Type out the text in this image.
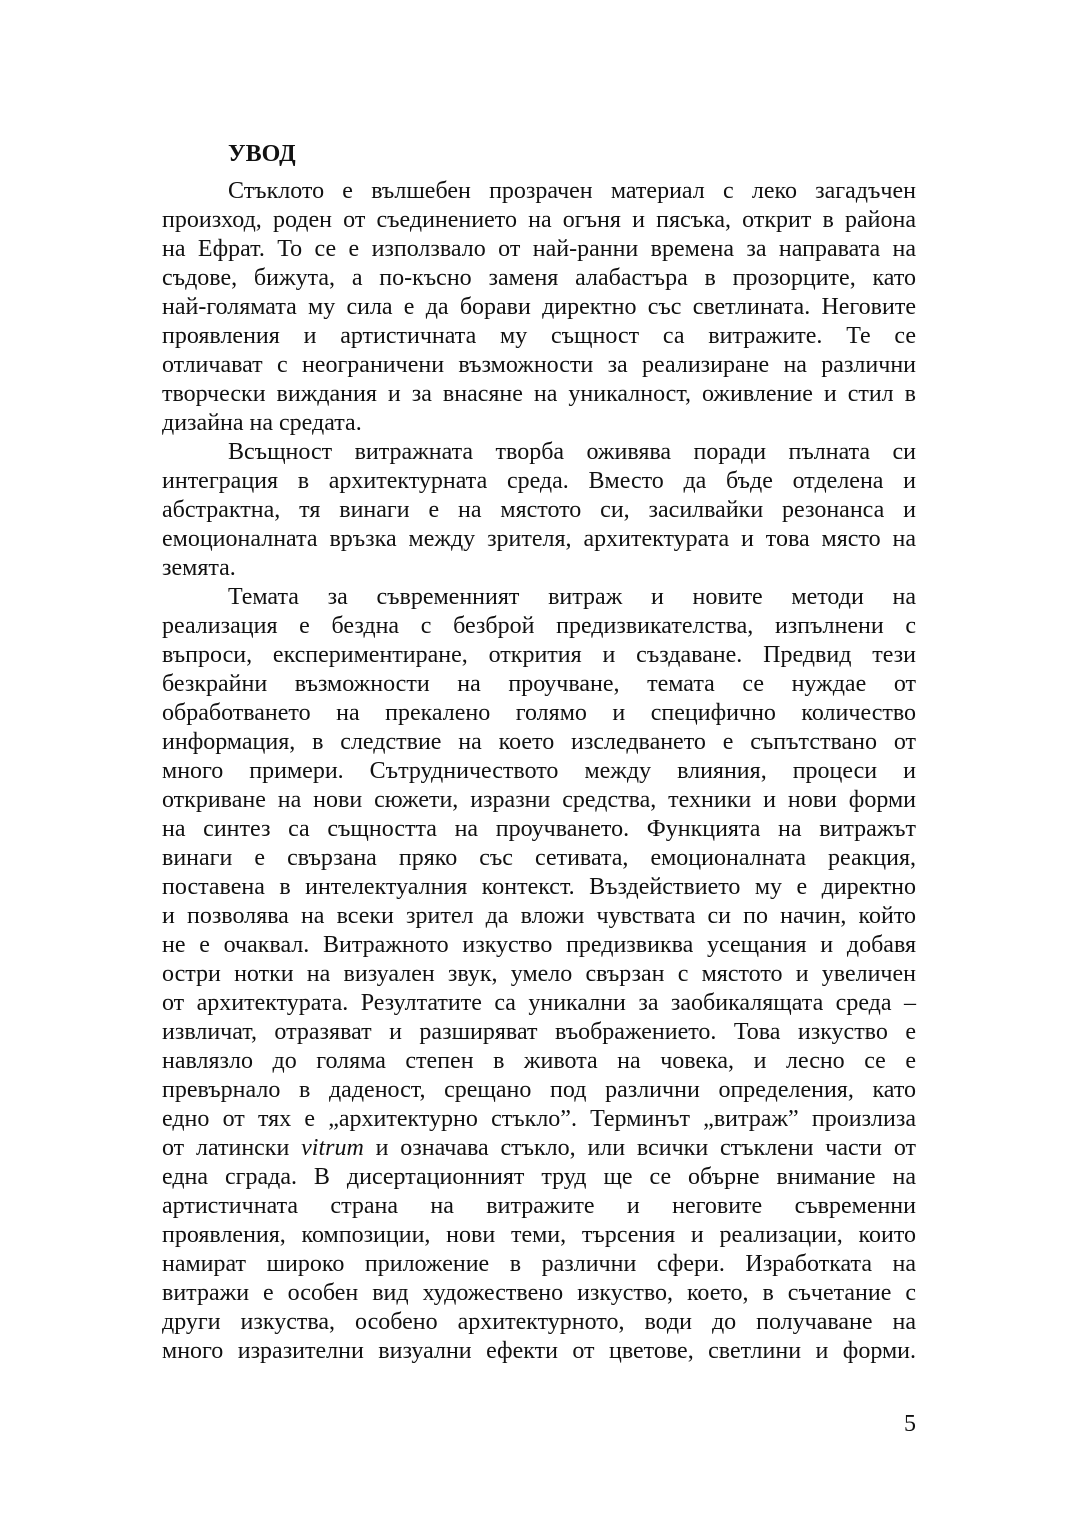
УВОД

Стъклото е вълшебен прозрачен материал с леко загадъчен
произход, роден от съединението на огъня и пясъка, открит в района
на Ефрат. То се е използвало от най-ранни времена за направата на
съдове, бижута, а по-късно заменя алабастъра в прозорците, като
най-голямата му сила е да борави директно със светлината. Неговите
проявления и артистичната му същност са витражите. Те се
отличават с неограничени възможности за реализиране на различни
творчески виждания и за внасяне на уникалност, оживление и стил в
дизайна на средата.

Всъщност витражната творба оживява поради пълната си
интеграция в архитектурната среда. Вместо да бъде отделена и
абстрактна, тя винаги е на мястото си, засилвайки резонанса и
емоционалната връзка между зрителя, архитектурата и това място на
земята.

Темата за съвременният витраж и новите методи на
реализация е бездна с безброй предизвикателства, изпълнени с
въпроси, експериментиране, открития и създаване. Предвид тези
безкрайни възможности на проучване, темата се нуждае от
обработването на прекалено голямо и специфично количество
информация, в следствие на което изследването е съпътствано от
много примери. Сътрудничеството между влияния, процеси и
откриване на нови сюжети, изразни средства, техники и нови форми
на синтез са същността на проучването. Функцията на витражът
винаги е свързана пряко със сетивата, емоционалната реакция,
поставена в интелектуалния контекст. Въздействието му е директно
и позволява на всеки зрител да вложи чувствата си по начин, който
не е очаквал. Витражното изкуство предизвиква усещания и добавя
остри нотки на визуален звук, умело свързан с мястото и увеличен
от архитектурата. Резултатите са уникални за заобикалящата среда –
извличат, отразяват и разширяват въображението. Това изкуство е
навлязло до голяма степен в живота на човека, и лесно се е
превърнало в даденост, срещано под различни определения, като
едно от тях е „архитектурно стъкло”. Терминът „витраж” произлиза
от латински vitrum и означава стъкло, или всички стъклени части от
една сграда. В дисертационният труд ще се обърне внимание на
артистичната страна на витражите и неговите съвременни
проявления, композиции, нови теми, търсения и реализации, които
намират широко приложение в различни сфери. Изработката на
витражи е особен вид художествено изкуство, което, в съчетание с
други изкуства, особено архитектурното, води до получаване на
много изразителни визуални ефекти от цветове, светлини и форми.

5
